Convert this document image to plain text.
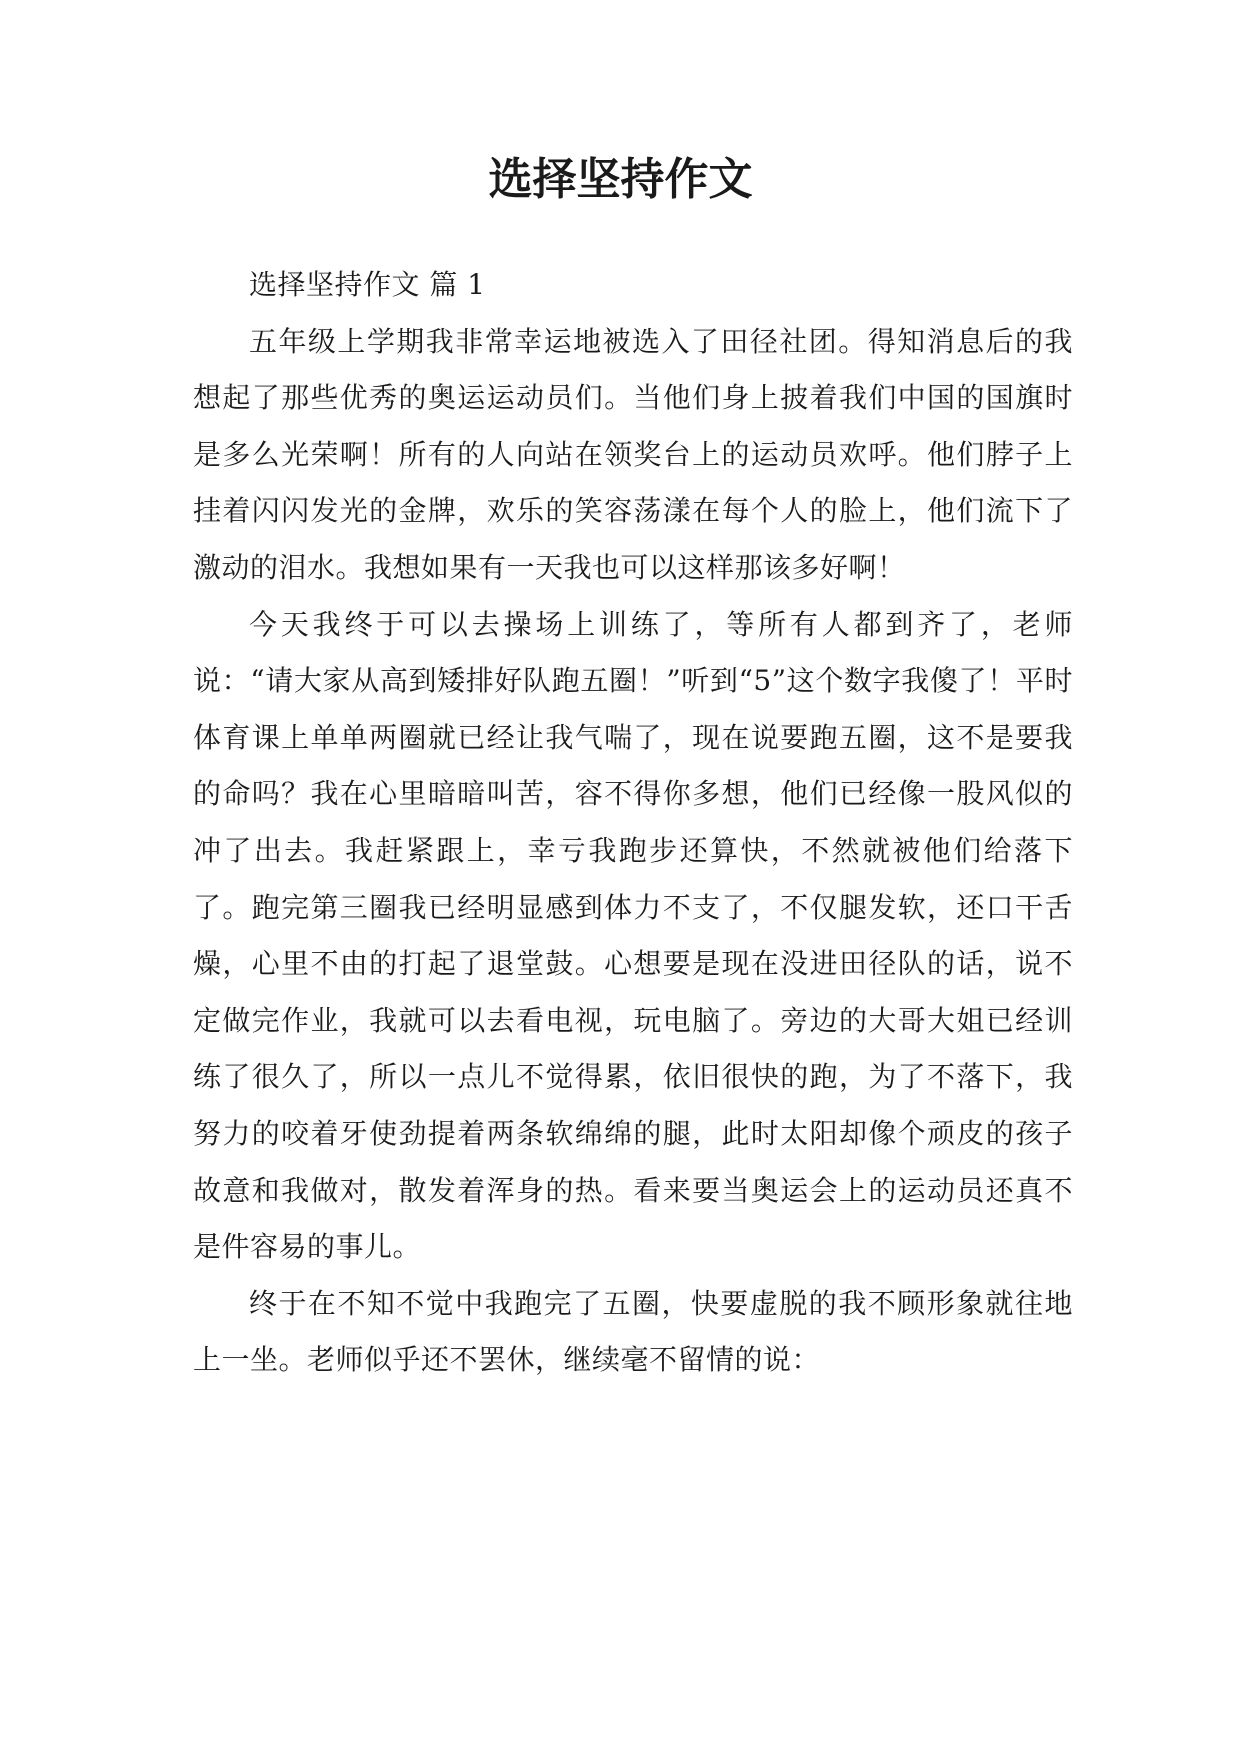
选择坚持作文

选择坚持作文 篇 1

五年级上学期我非常幸运地被选入了田径社团。得知消息后的我想起了那些优秀的奥运运动员们。当他们身上披着我们中国的国旗时是多么光荣啊！所有的人向站在领奖台上的运动员欢呼。他们脖子上挂着闪闪发光的金牌，欢乐的笑容荡漾在每个人的脸上，他们流下了激动的泪水。我想如果有一天我也可以这样那该多好啊！

今天我终于可以去操场上训练了，等所有人都到齐了，老师说：“请大家从高到矮排好队跑五圈！”听到“5”这个数字我傻了！平时体育课上单单两圈就已经让我气喘了，现在说要跑五圈，这不是要我的命吗？我在心里暗暗叫苦，容不得你多想，他们已经像一股风似的冲了出去。我赶紧跟上，幸亏我跑步还算快，不然就被他们给落下了。跑完第三圈我已经明显感到体力不支了，不仅腿发软，还口干舌燥，心里不由的打起了退堂鼓。心想要是现在没进田径队的话，说不定做完作业，我就可以去看电视，玩电脑了。旁边的大哥大姐已经训练了很久了，所以一点儿不觉得累，依旧很快的跑，为了不落下，我努力的咬着牙使劲提着两条软绵绵的腿，此时太阳却像个顽皮的孩子故意和我做对，散发着浑身的热。看来要当奥运会上的运动员还真不是件容易的事儿。

终于在不知不觉中我跑完了五圈，快要虚脱的我不顾形象就往地上一坐。老师似乎还不罢休，继续毫不留情的说：
